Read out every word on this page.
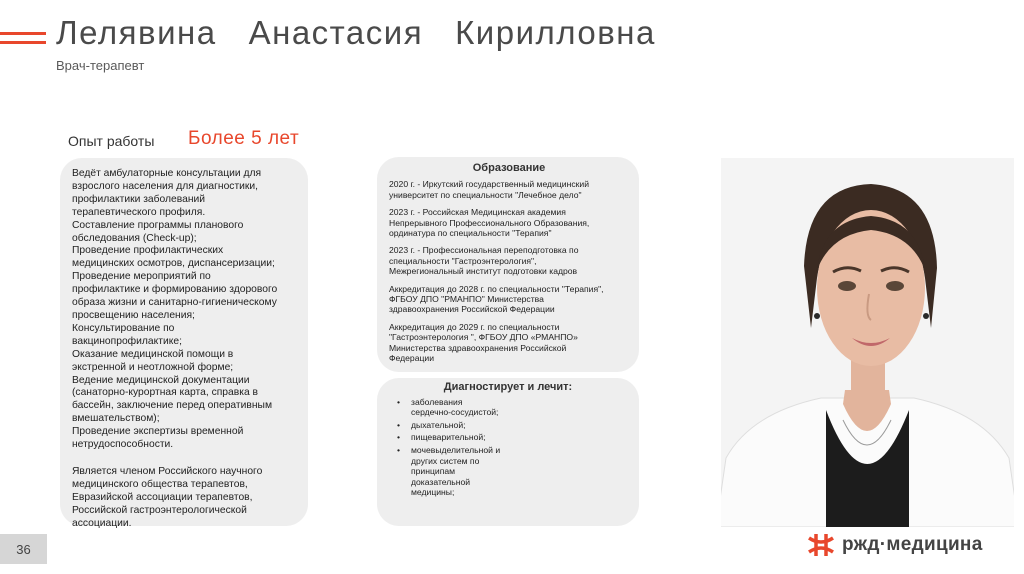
Лелявина   Анастасия   Кирилловна
Врач-терапевт
Опыт работы Более 5 лет

Ведёт амбулаторные консультации для

взрослого населения для диагностики,

профилактики заболеваний

терапевтического профиля.

Составление программы планового

обследования (Check-up);

Проведение профилактических

медицинских осмотров, диспансеризации;

Проведение мероприятий по

профилактике и формированию здорового

образа жизни и санитарно-гигиеническому

просвещению населения;

Консультирование по

вакцинопрофилактике;

Оказание медицинской помощи в

экстренной и неотложной форме;

Ведение медицинской документации

(санаторно-курортная карта, справка в

бассейн, заключение перед оперативным

вмешательством);

Проведение экспертизы временной

нетрудоспособности.

Является членом Российского научного

медицинского общества терапевтов,

Евразийской ассоциации терапевтов,

Российской гастроэнтерологической

ассоциации.

Образование
2020 г. - Иркутский государственный медицинский
университет по специальности "Лечебное дело"
2023 г. - Российская Медицинская академия
Непрерывного Профессионального Образования,
ординатура по специальности "Терапия"
2023 г. - Профессиональная переподготовка по
специальности "Гастроэнтерология",
Межрегиональный институт подготовки кадров
Аккредитация до 2028 г. по специальности "Терапия",
ФГБОУ ДПО "РМАНПО" Министерства
здравоохранения Российской Федерации
Аккредитация до 2029 г. по специальности
"Гастроэнтерология ", ФГБОУ ДПО «РМАНПО»
Министерства здравоохранения Российской
Федерации
Диагностирует и лечит:
• заболевания
сердечно-сосудистой;
• дыхательной;
• пищеварительной;
• мочевыделительной и
других систем по
принципам
доказательной
медицины;
36	ржд·медицина
